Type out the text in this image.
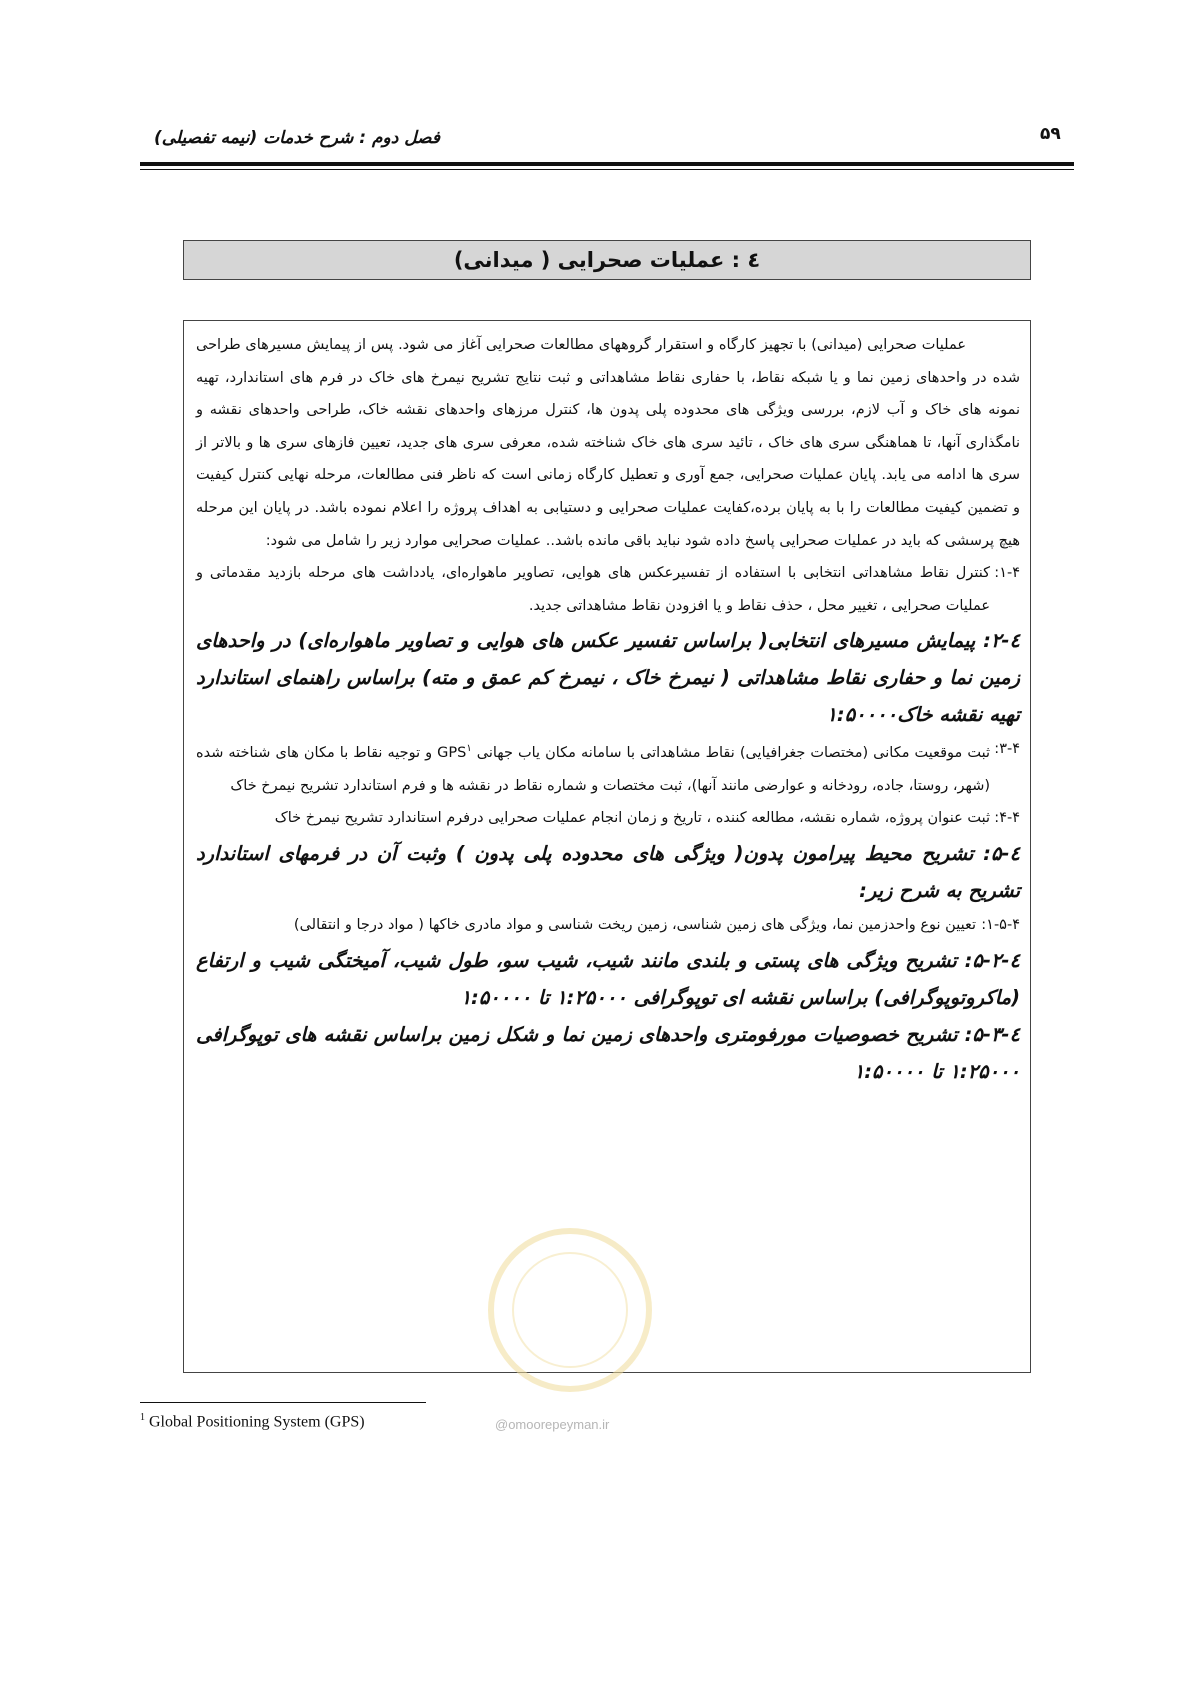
۵۹
فصل دوم : شرح خدمات (نیمه تفصیلی)
٤ : عملیات صحرایی ( میدانی)

عملیات صحرایی (میدانی) با تجهیز کارگاه و استقرار گروههای مطالعات صحرایی آغاز می شود. پس از پیمایش مسیرهای طراحی شده در واحدهای زمین نما و یا شبکه نقاط، با حفاری نقاط مشاهداتی و ثبت نتایج تشریح نیمرخ های خاک در فرم های استاندارد، تهیه نمونه های خاک و آب لازم، بررسی ویژگی های محدوده پلی پدون ها، کنترل مرزهای واحدهای نقشه خاک، طراحی واحدهای نقشه و نامگذاری آنها، تا هماهنگی سری های خاک ، تائید سری های خاک شناخته شده، معرفی سری های جدید، تعیین فازهای سری ها و بالاتر از سری ها ادامه می یابد. پایان عملیات صحرایی، جمع آوری و تعطیل کارگاه زمانی است که ناظر فنی مطالعات، مرحله نهایی کنترل کیفیت و تضمین کیفیت مطالعات را با به پایان برده،کفایت عملیات صحرایی و دستیابی به اهداف پروژه را اعلام نموده باشد. در پایان این مرحله هیچ پرسشی که باید در عملیات صحرایی پاسخ داده شود نباید باقی مانده باشد.. عملیات صحرایی موارد زیر را شامل می شود:

۱-۴:
کنترل نقاط مشاهداتی انتخابی با استفاده از تفسیرعکس های هوایی، تصاویر ماهواره‌ای، یادداشت های مرحله بازدید مقدماتی و عملیات صحرایی ، تغییر محل ، حذف نقاط و یا افزودن نقاط مشاهداتی جدید.

٤-۲: پیمایش مسیرهای انتخابی( براساس تفسیر عکس های هوایی و تصاویر ماهواره‌ای) در واحدهای زمین نما و حفاری نقاط مشاهداتی ( نیمرخ خاک ، نیمرخ کم عمق و مته) براساس راهنمای استاندارد تهیه نقشه خاک۱:۵۰۰۰۰

۳-۴:
ثبت موقعیت مکانی (مختصات جغرافیایی) نقاط مشاهداتی با سامانه مکان یاب جهانی GPS$^۱$ و توجیه نقاط با مکان های شناخته شده (شهر، روستا، جاده، رودخانه و عوارضی مانند آنها)، ثبت مختصات و شماره نقاط در نقشه ها و فرم استاندارد تشریح نیمرخ خاک

۴-۴:
ثبت عنوان پروژه، شماره نقشه، مطالعه کننده ، تاریخ و زمان انجام عملیات صحرایی درفرم استاندارد تشریح نیمرخ خاک

٤-۵: تشریح محیط پیرامون پدون( ویژگی های محدوده پلی پدون ) وثبت آن در فرمهای استاندارد تشریح به شرح زیر:

۱-۵-۴:
تعیین نوع واحدزمین نما، ویژگی های زمین شناسی، زمین ریخت شناسی و مواد مادری خاکها ( مواد درجا و انتقالی)

٤-۵-۲: تشریح ویژگی های پستی و بلندی مانند شیب، شیب سو، طول شیب، آمیختگی شیب و ارتفاع (ماکروتوپوگرافی) براساس نقشه ای توپوگرافی ۱:۲۵۰۰۰ تا ۱:۵۰۰۰۰

٤-۵-۳: تشریح خصوصیات مورفومتری واحدهای زمین نما و شکل زمین براساس نقشه های توپوگرافی ۱:۲۵۰۰۰ تا ۱:۵۰۰۰۰

$^1$ Global Positioning System (GPS)	@omoorepeyman.ir
